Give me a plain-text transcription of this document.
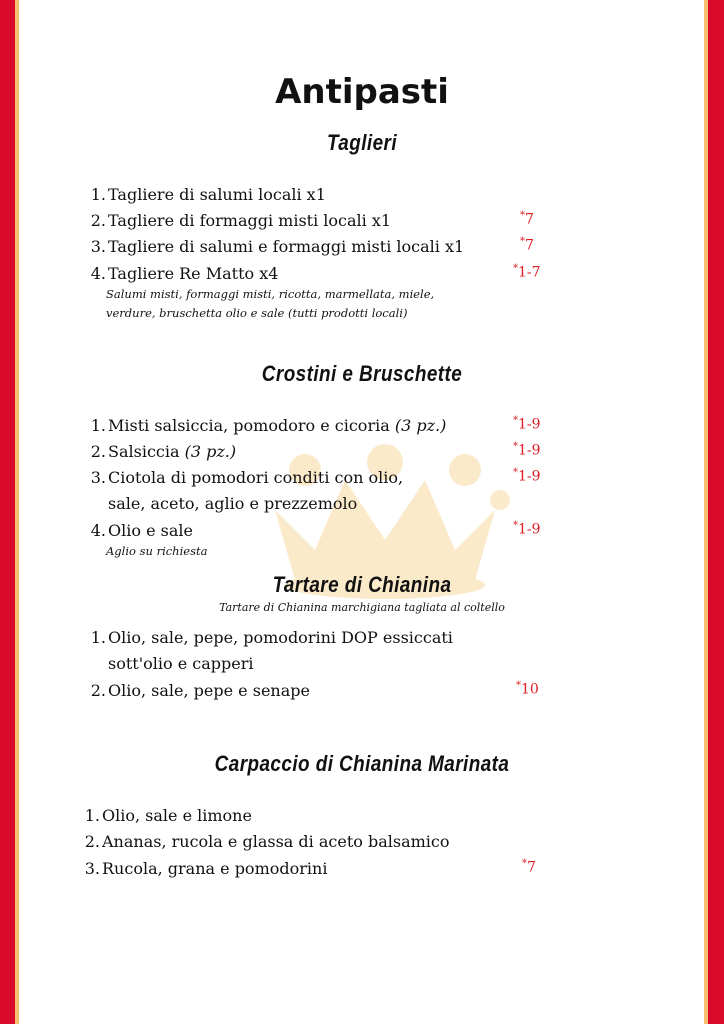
Antipasti
Taglieri
1. Tagliere di salumi locali x1
2. Tagliere di formaggi misti locali x1	*7
3. Tagliere di salumi e formaggi misti locali x1	*7
4. Tagliere Re Matto x4	*1-7
Salumi misti, formaggi misti, ricotta, marmellata, miele,
verdure, bruschetta olio e sale (tutti prodotti locali)
Crostini e Bruschette
1. Misti salsiccia, pomodoro e cicoria (3 pz.)	*1-9
2. Salsiccia (3 pz.)	*1-9
3. Ciotola di pomodori conditi con olio,
sale, aceto, aglio e prezzemolo
*1-9
4. Olio e sale	*1-9
Aglio su richiesta
Tartare di Chianina
Tartare di Chianina marchigiana tagliata al coltello
1. Olio, sale, pepe, pomodorini DOP essiccati
sott'olio e capperi
2. Olio, sale, pepe e senape	*10
Carpaccio di Chianina Marinata
1. Olio, sale e limone
2. Ananas, rucola e glassa di aceto balsamico
3. Rucola, grana e pomodorini	*7
